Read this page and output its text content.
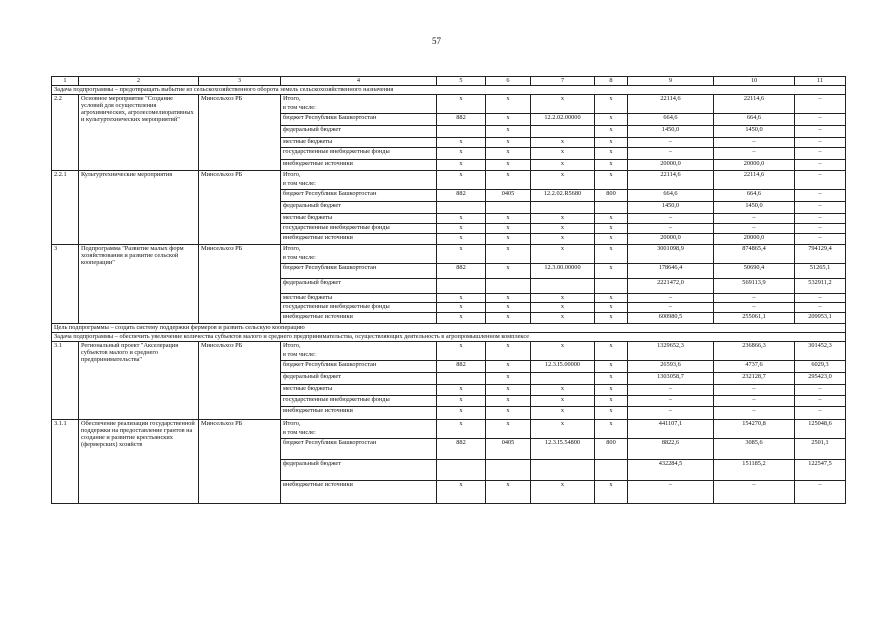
57
1	2	3	4	5	6	7	8	9	10	11
Задача подпрограммы – предотвращать выбытие из сельскохозяйственного оборота земель сельскохозяйственного назначения										
2.2	Основное мероприятие "Создание условий для осуществления агрохимических, агролесомелиоративных и культуртехнических мероприятий"	Минсельхоз РБ	Итого,	х	х	х	х	22114,6	22114,6	–
			в том числе:							
			бюджет Республики Башкортостан	882	х	12.2.02.00000	х	664,6	664,6	–
			федеральный бюджет		х		х	1450,0	1450,0	–
			местные бюджеты	х	х	х	х	–	–	–
			государственные внебюджетные фонды	х	х	х	х	–	–	–
			внебюджетные источники	х	х	х	х	20000,0	20000,0	–
2.2.1	Культуртехнические мероприятия	Минсельхоз РБ	Итого,	х	х	х	х	22114,6	22114,6	–
			в том числе:							
			бюджет Республики Башкортостан	882	0405	12.2.02.R5680	800	664,6	664,6	–
			федеральный бюджет					1450,0	1450,0	–
			местные бюджеты	х	х	х	х	–	–	–
			государственные внебюджетные фонды	х	х	х	х	–	–	–
			внебюджетные источники	х	х	х	х	20000,0	20000,0	–
3	Подпрограмма "Развитие малых форм хозяйствования и развитие сельской кооперации"	Минсельхоз РБ	Итого,	х	х	х	х	3001098,9	874865,4	794129,4
			в том числе:							
			бюджет Республики Башкортостан	882	х	12.3.00.00000	х	178646,4	50690,4	51265,1
			федеральный бюджет					2221472,0	569113,9	532911,2
			местные бюджеты	х	х	х	х	–	–	–
			государственные внебюджетные фонды	х	х	х	х	–	–	–
			внебюджетные источники	х	х	х	х	600980,5	255061,1	209953,1
Цель подпрограммы – создать систему поддержки фермеров и развить сельскую кооперацию										
Задача подпрограммы – обеспечить увеличение количества субъектов малого и среднего предпринимательства, осуществляющих деятельность в агропромышленном комплексе										
3.1	Региональный проект "Акселерация субъектов малого и среднего предпринимательства"	Минсельхоз РБ	Итого,	х	х	х	х	1329652,3	236866,3	301452,3
			в том числе:							
			бюджет Республики Башкортостан	882	х	12.3.I5.00000	х	26593,6	4737,6	6029,3
			федеральный бюджет		х		х	1303058,7	232128,7	295423,0
			местные бюджеты	х	х	х	х	–	–	–
			государственные внебюджетные фонды	х	х	х	х	–	–	–
			внебюджетные источники	х	х	х	х	–	–	–
3.1.1	Обеспечение реализации государственной поддержки на предоставление грантов на создание и развитие крестьянских (фермерских) хозяйств	Минсельхоз РБ	Итого,	х	х	х	х	441107,1	154270,8	125048,6
			в том числе:							
			бюджет Республики Башкортостан	882	0405	12.3.I5.54800	800	8822,6	3085,6	2501,1
			федеральный бюджет					432284,5	151185,2	122547,5
			внебюджетные источники	х	х	х	х	–	–	–
